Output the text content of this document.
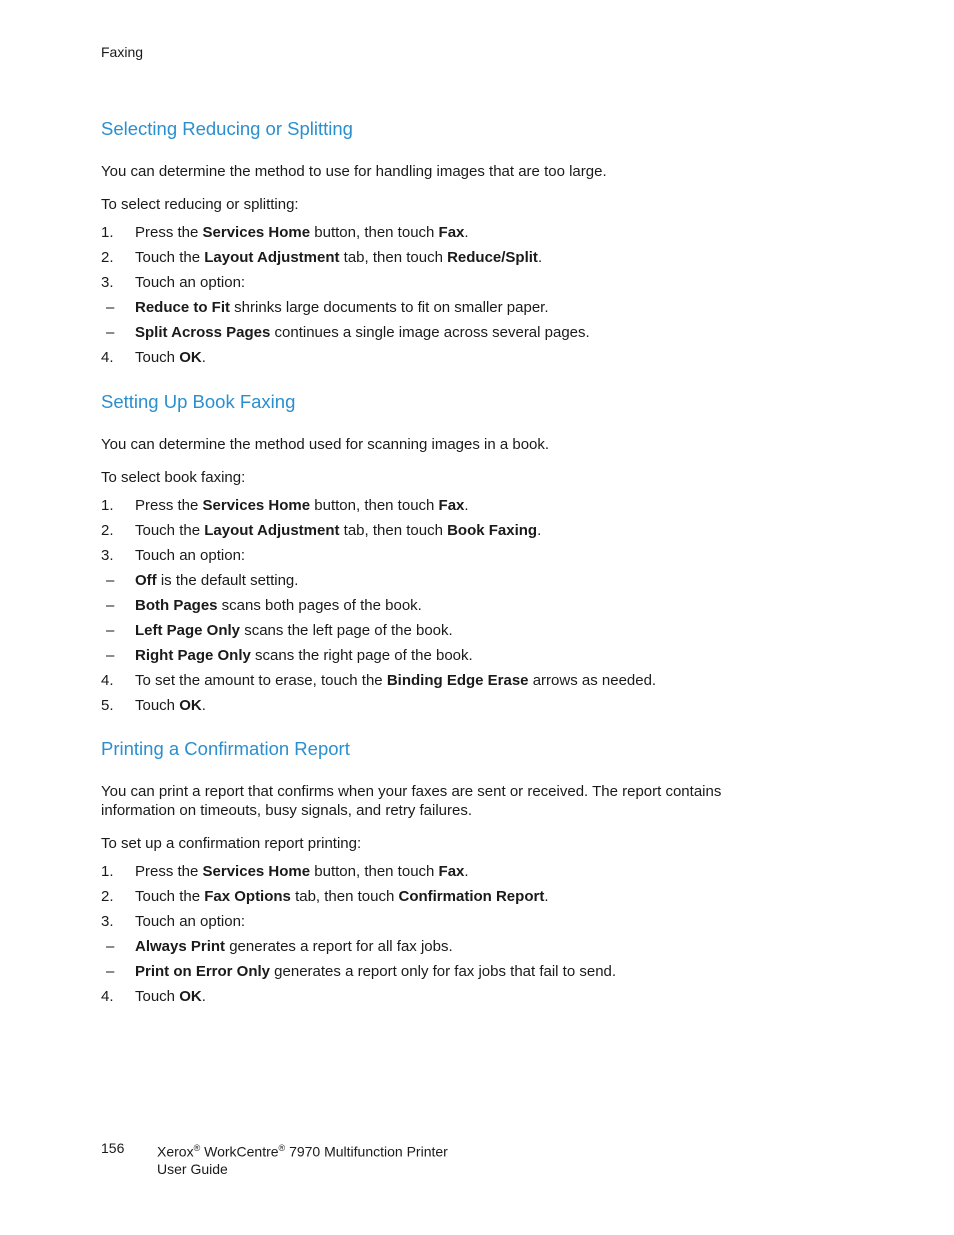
Faxing
Selecting Reducing or Splitting

You can determine the method to use for handling images that are too large.

To select reducing or splitting:

1. Press the Services Home button, then touch Fax.
2. Touch the Layout Adjustment tab, then touch Reduce/Split.
3. Touch an option:
– Reduce to Fit shrinks large documents to fit on smaller paper.
– Split Across Pages continues a single image across several pages.
4. Touch OK.
Setting Up Book Faxing

You can determine the method used for scanning images in a book.

To select book faxing:

1. Press the Services Home button, then touch Fax.
2. Touch the Layout Adjustment tab, then touch Book Faxing.
3. Touch an option:
– Off is the default setting.
– Both Pages scans both pages of the book.
– Left Page Only scans the left page of the book.
– Right Page Only scans the right page of the book.
4. To set the amount to erase, touch the Binding Edge Erase arrows as needed.
5. Touch OK.
Printing a Confirmation Report

You can print a report that confirms when your faxes are sent or received. The report contains information on timeouts, busy signals, and retry failures.

To set up a confirmation report printing:

1. Press the Services Home button, then touch Fax.
2. Touch the Fax Options tab, then touch Confirmation Report.
3. Touch an option:
– Always Print generates a report for all fax jobs.
– Print on Error Only generates a report only for fax jobs that fail to send.
4. Touch OK.
156 Xerox® WorkCentre® 7970 Multifunction Printer
User Guide
